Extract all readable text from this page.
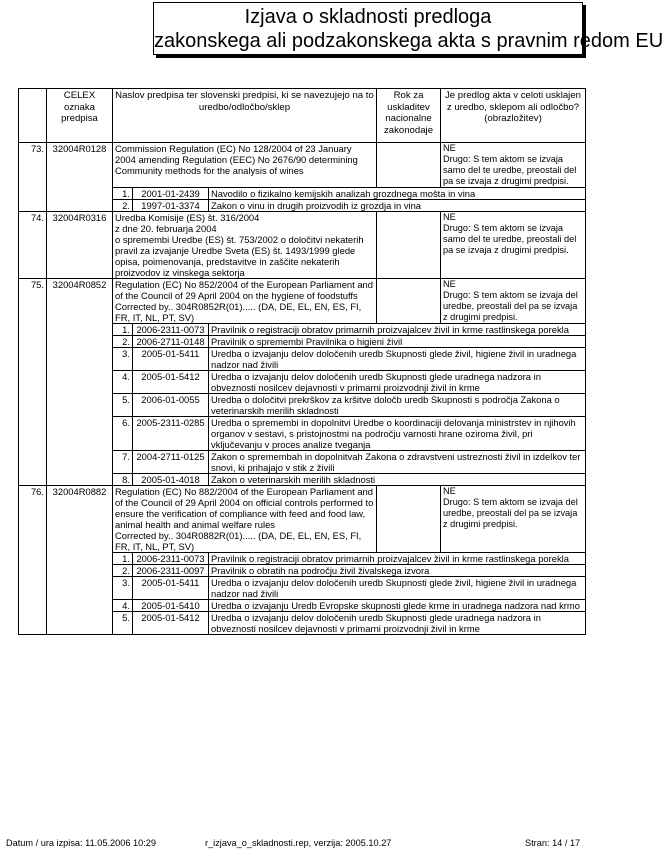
Izjava o skladnosti predloga
zakonskega ali podzakonskega akta s pravnim redom EU
	CELEX oznaka predpisa	Naslov predpisa ter slovenski predpisi, ki se navezujejo na to uredbo/odločbo/sklep			Rok za uskladitev nacionalne zakonodaje	Je predlog akta v celoti usklajen z uredbo, sklepom ali odločbo? (obrazložitev)
73.	32004R0128	Commission Regulation (EC) No 128/2004 of 23 January 2004 amending Regulation (EEC) No 2676/90 determining Community methods for the analysis of wines				NE
Drugo: S tem aktom se izvaja samo del te uredbe, preostali del pa se izvaja z drugimi predpisi.
		1.	2001-01-2439	Navodilo o fizikalno kemijskih analizah grozdnega mošta in vina		
		2.	1997-01-3374	Zakon o vinu in drugih proizvodih iz grozdja in vina		
74.	32004R0316	Uredba Komisije (ES) št. 316/2004
z dne 20. februarja 2004
o spremembi Uredbe (ES) št. 753/2002 o določitvi nekaterih pravil za izvajanje Uredbe Sveta (ES) št. 1493/1999 glede opisa, poimenovanja, predstavitve in zaščite nekaterih proizvodov iz vinskega sektorja				NE
Drugo: S tem aktom se izvaja samo del te uredbe, preostali del pa se izvaja z drugimi predpisi.
75.	32004R0852	Regulation (EC) No 852/2004 of the European Parliament and of the Council of 29 April 2004 on the hygiene of foodstuffs
Corrected by.. 304R0852R(01)..... (DA, DE, EL, EN, ES, FI, FR, IT, NL, PT, SV)				NE
Drugo: S tem aktom se izvaja del uredbe, preostali del pa se izvaja z drugimi predpisi.
		1.	2006-2311-0073	Pravilnik o registraciji obratov primarnih proizvajalcev živil in krme rastlinskega porekla		
		2.	2006-2711-0148	Pravilnik o spremembi Pravilnika o higieni živil		
		3.	2005-01-5411	Uredba o izvajanju delov določenih uredb Skupnosti glede živil, higiene živil in uradnega nadzor nad živili		
		4.	2005-01-5412	Uredba o izvajanju delov določenih uredb Skupnosti glede uradnega nadzora in obveznosti nosilcev dejavnosti v primarni proizvodnji živil in krme		
		5.	2006-01-0055	Uredba o določitvi prekrškov za kršitve določb uredb Skupnosti s področja Zakona o veterinarskih merilih skladnosti		
		6.	2005-2311-0285	Uredba o spremembi in dopolnitvi Uredbe o koordinaciji delovanja ministrstev in njihovih organov v sestavi, s pristojnostmi na področju varnosti hrane oziroma živil, pri vključevanju v proces analize tveganja		
		7.	2004-2711-0125	Zakon o spremembah in dopolnitvah Zakona o zdravstveni ustreznosti živil in izdelkov ter snovi, ki prihajajo v stik z živili		
		8.	2005-01-4018	Zakon o veterinarskih merilih skladnosti		
76.	32004R0882	Regulation (EC) No 882/2004 of the European Parliament and of the Council of 29 April 2004 on official controls performed to ensure the verification of compliance with feed and food law, animal health and animal welfare rules
Corrected by.. 304R0882R(01)..... (DA, DE, EL, EN, ES, FI, FR, IT, NL, PT, SV)				NE
Drugo: S tem aktom se izvaja del uredbe, preostali del pa se izvaja z drugimi predpisi.
		1.	2006-2311-0073	Pravilnik o registraciji obratov primarnih proizvajalcev živil in krme rastlinskega porekla		
		2.	2006-2311-0097	Pravilnik o obratih na področju živil živalskega izvora		
		3.	2005-01-5411	Uredba o izvajanju delov določenih uredb Skupnosti glede živil, higiene živil in uradnega nadzor nad živili		
		4.	2005-01-5410	Uredba o izvajanju Uredb Evropske skupnosti glede krme in uradnega nadzora nad krmo		
		5.	2005-01-5412	Uredba o izvajanju delov določenih uredb Skupnosti glede uradnega nadzora in obveznosti nosilcev dejavnosti v primarni proizvodnji živil in krme		
Datum / ura izpisa: 11.05.2006 10:29	r_izjava_o_skladnosti.rep, verzija: 2005.10.27	Stran: 14 / 17
